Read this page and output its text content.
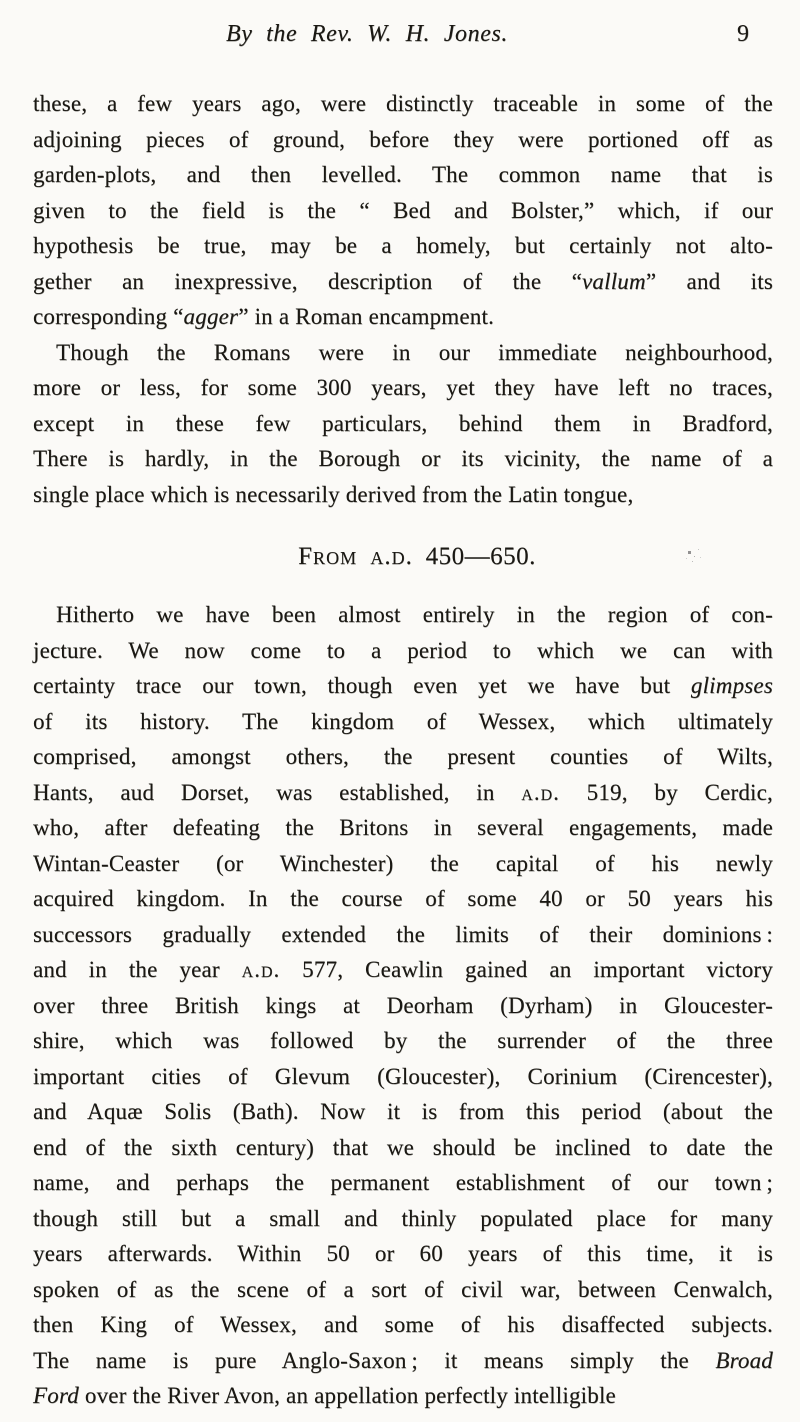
By the Rev. W. H. Jones.	9
these, a few years ago, were distinctly traceable in some of the
adjoining pieces of ground, before they were portioned off as
garden-plots, and then levelled. The common name that is
given to the field is the “ Bed and Bolster,” which, if our
hypothesis be true, may be a homely, but certainly not alto-
gether an inexpressive, description of the “vallum” and its
corresponding “agger” in a Roman encampment.
Though the Romans were in our immediate neighbourhood,
more or less, for some 300 years, yet they have left no traces,
except in these few particulars, behind them in Bradford,
There is hardly, in the Borough or its vicinity, the name of a
single place which is necessarily derived from the Latin tongue,
From a.d. 450—650.
Hitherto we have been almost entirely in the region of con-
jecture. We now come to a period to which we can with
certainty trace our town, though even yet we have but glimpses
of its history. The kingdom of Wessex, which ultimately
comprised, amongst others, the present counties of Wilts,
Hants, aud Dorset, was established, in a.d. 519, by Cerdic,
who, after defeating the Britons in several engagements, made
Wintan-Ceaster (or Winchester) the capital of his newly
acquired kingdom. In the course of some 40 or 50 years his
successors gradually extended the limits of their dominions :
and in the year a.d. 577, Ceawlin gained an important victory
over three British kings at Deorham (Dyrham) in Gloucester-
shire, which was followed by the surrender of the three
important cities of Glevum (Gloucester), Corinium (Cirencester),
and Aquæ Solis (Bath). Now it is from this period (about the
end of the sixth century) that we should be inclined to date the
name, and perhaps the permanent establishment of our town ;
though still but a small and thinly populated place for many
years afterwards. Within 50 or 60 years of this time, it is
spoken of as the scene of a sort of civil war, between Cenwalch,
then King of Wessex, and some of his disaffected subjects.
The name is pure Anglo-Saxon ; it means simply the Broad
Ford over the River Avon, an appellation perfectly intelligible
